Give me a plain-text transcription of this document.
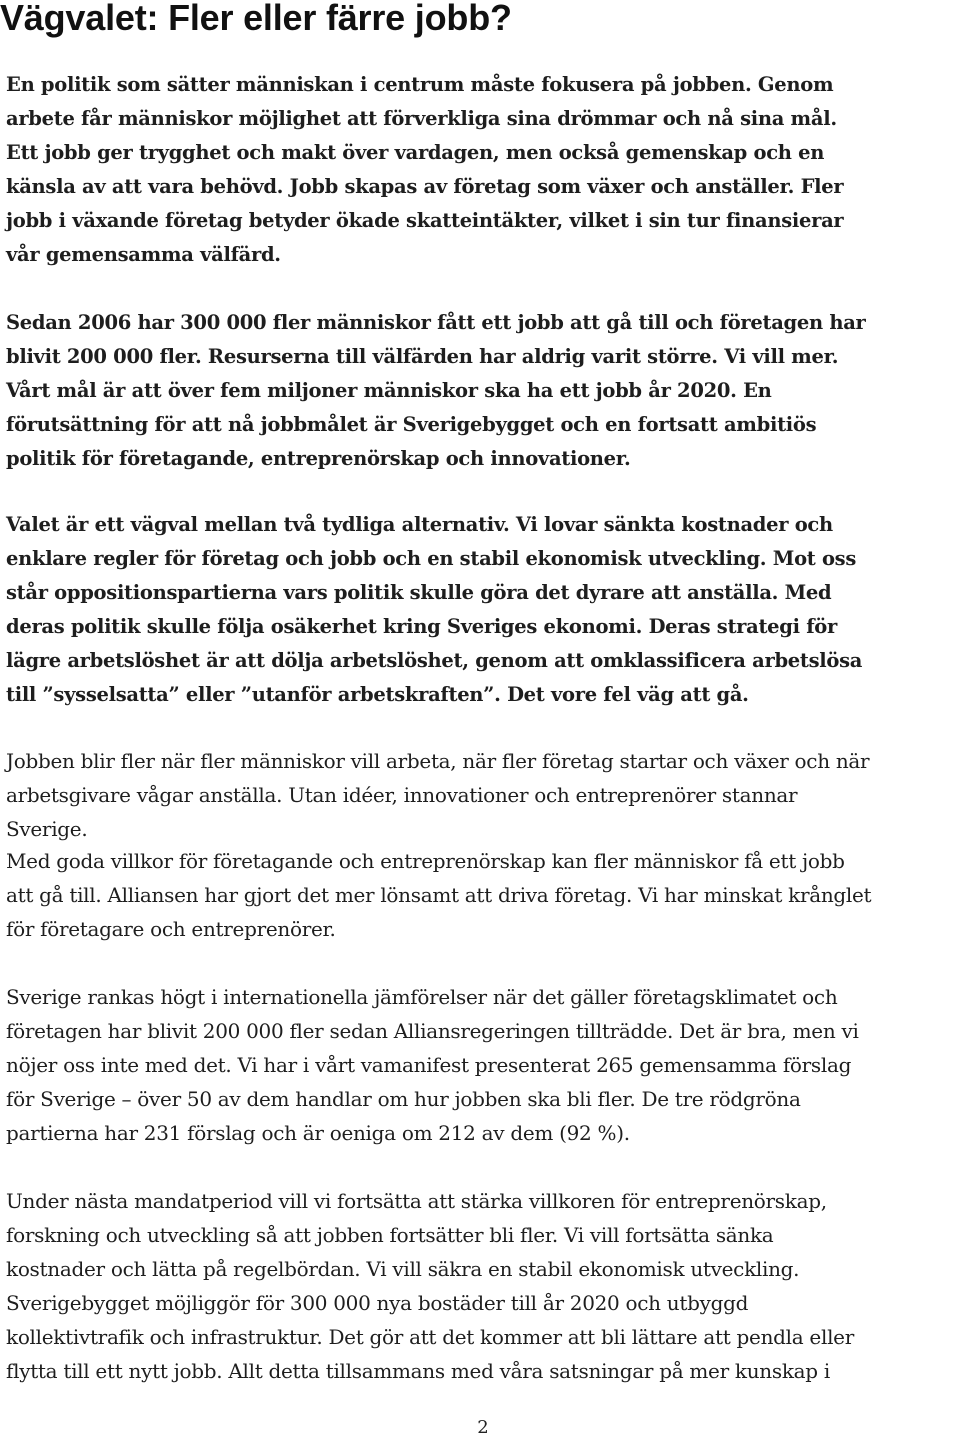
Vägvalet: Fler eller färre jobb?

En politik som sätter människan i centrum måste fokusera på jobben. Genom
arbete får människor möjlighet att förverkliga sina drömmar och nå sina mål.
Ett jobb ger trygghet och makt över vardagen, men också gemenskap och en
känsla av att vara behövd. Jobb skapas av företag som växer och anställer. Fler
jobb i växande företag betyder ökade skatteintäkter, vilket i sin tur finansierar
vår gemensamma välfärd.

Sedan 2006 har 300 000 fler människor fått ett jobb att gå till och företagen har
blivit 200 000 fler. Resurserna till välfärden har aldrig varit större. Vi vill mer.
Vårt mål är att över fem miljoner människor ska ha ett jobb år 2020. En
förutsättning för att nå jobbmålet är Sverigebygget och en fortsatt ambitiös
politik för företagande, entreprenörskap och innovationer.

Valet är ett vägval mellan två tydliga alternativ. Vi lovar sänkta kostnader och
enklare regler för företag och jobb och en stabil ekonomisk utveckling. Mot oss
står oppositionspartierna vars politik skulle göra det dyrare att anställa. Med
deras politik skulle följa osäkerhet kring Sveriges ekonomi. Deras strategi för
lägre arbetslöshet är att dölja arbetslöshet, genom att omklassificera arbetslösa
till ”sysselsatta” eller ”utanför arbetskraften”. Det vore fel väg att gå.

Jobben blir fler när fler människor vill arbeta, när fler företag startar och växer och när
arbetsgivare vågar anställa. Utan idéer, innovationer och entreprenörer stannar
Sverige.

Med goda villkor för företagande och entreprenörskap kan fler människor få ett jobb
att gå till. Alliansen har gjort det mer lönsamt att driva företag. Vi har minskat krånglet
för företagare och entreprenörer.

Sverige rankas högt i internationella jämförelser när det gäller företagsklimatet och
företagen har blivit 200 000 fler sedan Alliansregeringen tillträdde. Det är bra, men vi
nöjer oss inte med det. Vi har i vårt vamanifest presenterat 265 gemensamma förslag
för Sverige – över 50 av dem handlar om hur jobben ska bli fler. De tre rödgröna
partierna har 231 förslag och är oeniga om 212 av dem (92 %).

Under nästa mandatperiod vill vi fortsätta att stärka villkoren för entreprenörskap,
forskning och utveckling så att jobben fortsätter bli fler. Vi vill fortsätta sänka
kostnader och lätta på regelbördan. Vi vill säkra en stabil ekonomisk utveckling.
Sverigebygget möjliggör för 300 000 nya bostäder till år 2020 och utbyggd
kollektivtrafik och infrastruktur. Det gör att det kommer att bli lättare att pendla eller
flytta till ett nytt jobb. Allt detta tillsammans med våra satsningar på mer kunskap i

2
